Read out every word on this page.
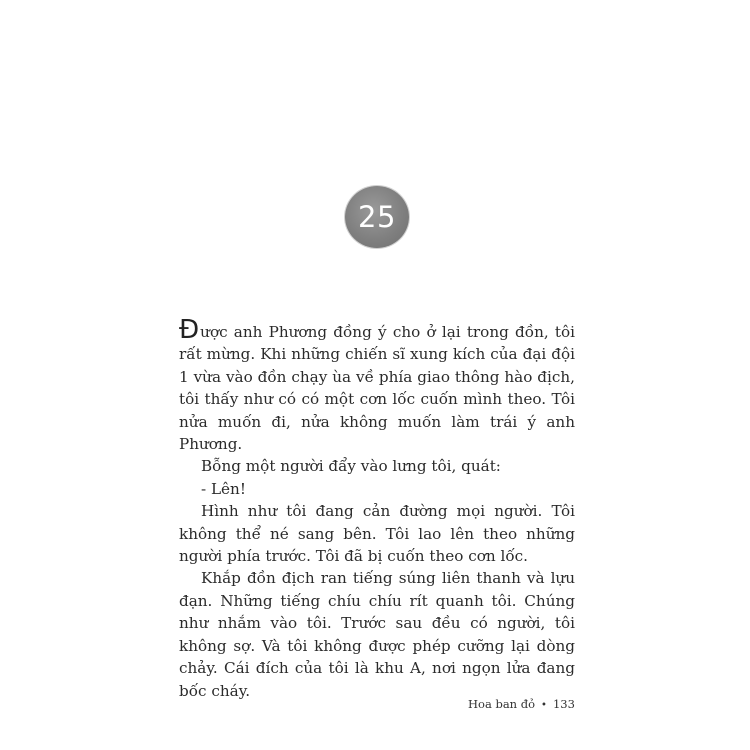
25

Được anh Phương đồng ý cho ở lại trong đồn, tôi rất mừng. Khi những chiến sĩ xung kích của đại đội 1 vừa vào đồn chạy ùa về phía giao thông hào địch, tôi thấy như có có một cơn lốc cuốn mình theo. Tôi nửa muốn đi, nửa không muốn làm trái ý anh Phương.

Bỗng một người đẩy vào lưng tôi, quát:

- Lên!

Hình như tôi đang cản đường mọi người. Tôi không thể né sang bên. Tôi lao lên theo những người phía trước. Tôi đã bị cuốn theo cơn lốc.

Khắp đồn địch ran tiếng súng liên thanh và lựu đạn. Những tiếng chíu chíu rít quanh tôi. Chúng như nhắm vào tôi. Trước sau đều có người, tôi không sợ. Và tôi không được phép cưỡng lại dòng chảy. Cái đích của tôi là khu A, nơi ngọn lửa đang bốc cháy.

Hoa ban đỏ • 133
